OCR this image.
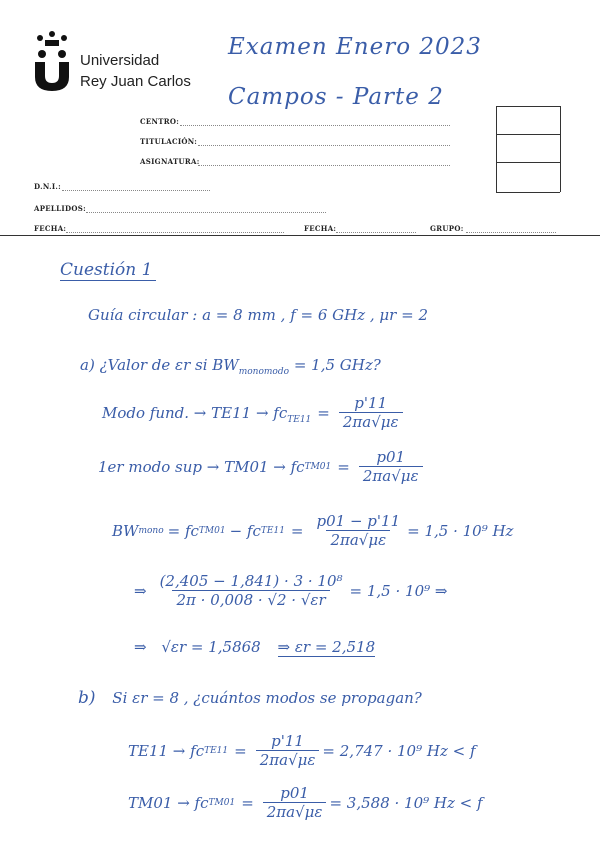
Universidad
Rey Juan Carlos
Examen Enero 2023
Campos - Parte 2
CENTRO:
TITULACIÓN:
ASIGNATURA:
D.N.I.:
APELLIDOS:
FECHA:	FECHA:	GRUPO:
Cuestión 1
Guía circular : a = 8 mm , f = 6 GHz , μr = 2
a) ¿Valor de εr si $BW_{monomodo} = 1,5$ GHz?
Modo fund. → $TE11 \to fc_{TE11} = \frac{p'11}{2\pi a√\mu\varepsilon}$
1er modo sup → TM01 → fc $TM01 = \frac{p01}{2\pi a√\mu\varepsilon}$
BW mono = fc TM01 − fc $TE11 = \frac{p01 - p'11}{2\pi a√\mu\varepsilon} = 1,5 \cdot 10^9$ Hz
⇒ $\frac{\text{(2,405 − 1,841) · 3 · 10⁸}}{2\pi \cdot 0,008 \cdot √2 \cdot √\varepsilon r} = 1,5 \cdot 10^9$ ⇒
⇒ √εr = 1,5868 ⇒ εr = 2,518
b) Si εr = 8 , ¿cuántos modos se propagan?
TE11 → fc $TE11 = \frac{p'11}{2\pi a√\mu\varepsilon} = 2,747 \cdot 10^9$ Hz < f
TM01 → fc $TM01 = \frac{p01}{2\pi a√\mu\varepsilon} = 3,588 \cdot 10^9$ Hz < f
